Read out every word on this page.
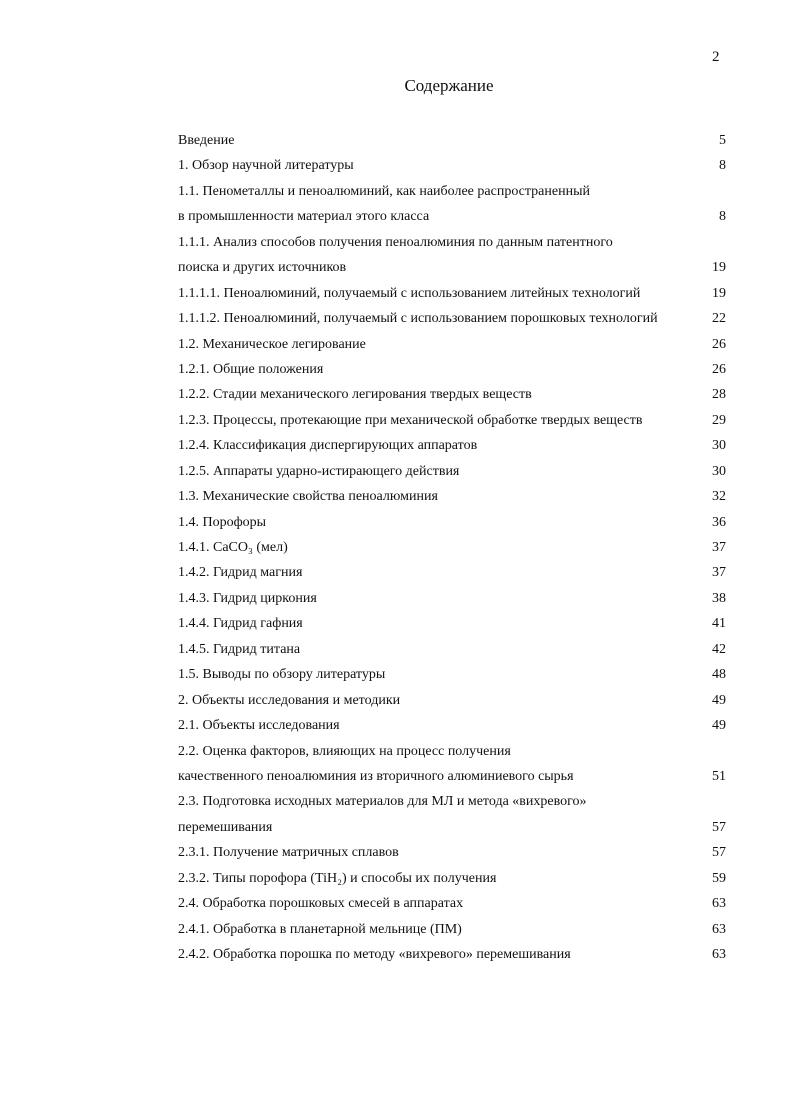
2
Содержание
Введение	5
1. Обзор научной литературы	8
1.1. Пенометаллы и пеноалюминий, как наиболее распространенный
в промышленности материал этого класса	8
1.1.1. Анализ способов получения пеноалюминия по данным патентного
поиска и других источников	19
1.1.1.1. Пеноалюминий, получаемый с использованием литейных технологий	19
1.1.1.2. Пеноалюминий, получаемый с использованием порошковых технологий	22
1.2. Механическое легирование	26
1.2.1. Общие положения	26
1.2.2. Стадии механического легирования твердых веществ	28
1.2.3. Процессы, протекающие при механической обработке твердых веществ	29
1.2.4. Классификация диспергирующих аппаратов	30
1.2.5. Аппараты ударно-истирающего действия	30
1.3. Механические свойства пеноалюминия	32
1.4. Порофоры	36
1.4.1. CaCO₃ (мел)	37
1.4.2. Гидрид магния	37
1.4.3. Гидрид циркония	38
1.4.4. Гидрид гафния	41
1.4.5. Гидрид титана	42
1.5. Выводы по обзору литературы	48
2. Объекты исследования и методики	49
2.1. Объекты исследования	49
2.2. Оценка факторов, влияющих на процесс получения
качественного пеноалюминия из вторичного алюминиевого сырья	51
2.3. Подготовка исходных материалов для МЛ и метода «вихревого»
перемешивания	57
2.3.1. Получение матричных сплавов	57
2.3.2. Типы порофора (TiH₂) и способы их получения	59
2.4. Обработка порошковых смесей в аппаратах	63
2.4.1. Обработка в планетарной мельнице (ПМ)	63
2.4.2. Обработка порошка по методу «вихревого» перемешивания	63
